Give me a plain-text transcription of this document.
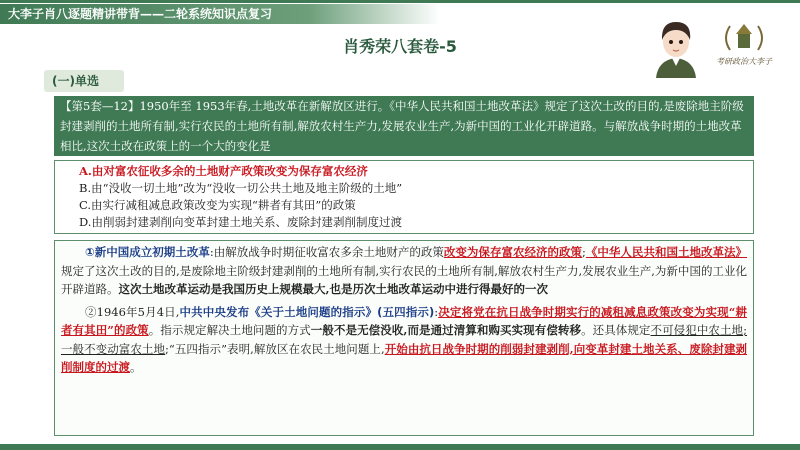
大李子肖八逐题精讲带背——二轮系统知识点复习
考研政治大李子
肖秀荣八套卷-5
(一)单选
【第5套—12】1950年至 1953年春,土地改革在新解放区进行。《中华人民共和国土地改革法》规定了这次土改的目的,是废除地主阶级封建剥削的土地所有制,实行农民的土地所有制,解放农村生产力,发展农业生产,为新中国的工业化开辟道路。与解放战争时期的土地改革相比,这次土改在政策上的一个大的变化是
A.由对富农征收多余的土地财产政策改变为保存富农经济
B.由“没收一切土地”改为“没收一切公共土地及地主阶级的土地”
C.由实行减租减息政策改变为实现“耕者有其田”的政策
D.由削弱封建剥削向变革封建土地关系、废除封建剥削制度过渡
①新中国成立初期土改革:由解放战争时期征收富农多余土地财产的政策改变为保存富农经济的政策;《中华人民共和国土地改革法》规定了这次土改的目的,是废除地主阶级封建剥削的土地所有制,实行农民的土地所有制,解放农村生产力,发展农业生产,为新中国的工业化开辟道路。这次土地改革运动是我国历史上规模最大,也是历次土地改革运动中进行得最好的一次
②1946年5月4日,中共中央发布《关于土地问题的指示》(五四指示):决定将党在抗日战争时期实行的减租减息政策改变为实现“耕者有其田”的政策。指示规定解决土地问题的方式一般不是无偿没收,而是通过清算和购买实现有偿转移。还具体规定不可侵犯中农土地;一般不变动富农土地;“五四指示”表明,解放区在农民土地问题上,开始由抗日战争时期的削弱封建剥削,向变革封建土地关系、废除封建剥削制度的过渡。
